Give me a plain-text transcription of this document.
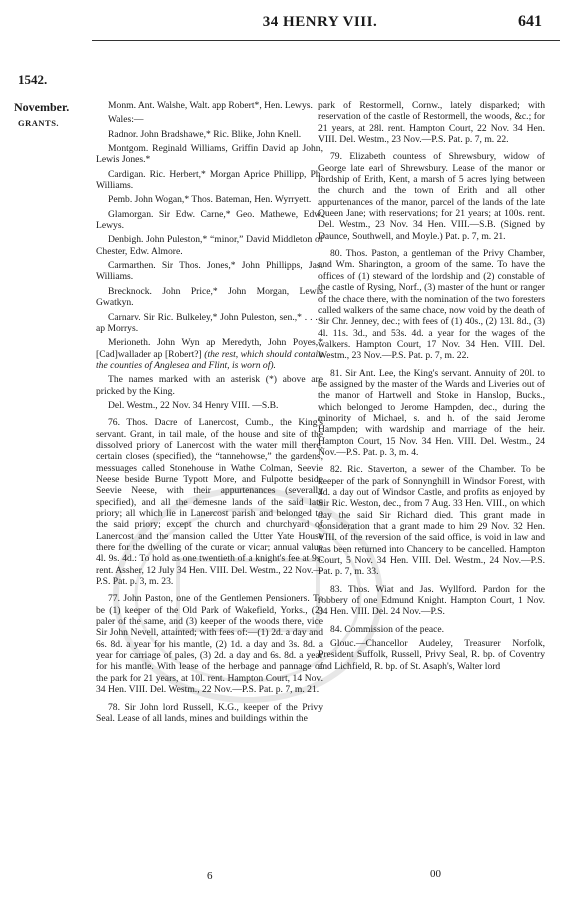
34 HENRY VIII.	641
1542.
November.
GRANTS.

Monm. Ant. Walshe, Walt. app Robert*, Hen. Lewys.

Wales:—

Radnor. John Bradshawe,* Ric. Blike, John Knell.

Montgom. Reginald Williams, Griffin David ap John, Lewis Jones.*

Cardigan. Ric. Herbert,* Morgan Aprice Phillipp, Ph. Williams.

Pemb. John Wogan,* Thos. Bateman, Hen. Wyrryett.

Glamorgan. Sir Edw. Carne,* Geo. Mathewe, Edw. Lewys.

Denbigh. John Puleston,* “minor,” David Middleton of Chester, Edw. Almore.

Carmarthen. Sir Thos. Jones,* John Phillipps, Jas. Williams.

Brecknock. John Price,* John Morgan, Lewis Gwatkyn.

Carnarv. Sir Ric. Bulkeley,* John Puleston, sen.,* . . . . ap Morrys.

Merioneth. John Wyn ap Meredyth, John Poyes,* [Cad]wallader ap [Robert?] (the rest, which should contain the counties of Anglesea and Flint, is worn of).

The names marked with an asterisk (*) above are pricked by the King.

Del. Westm., 22 Nov. 34 Henry VIII. —S.B.

76. Thos. Dacre of Lanercost, Cumb., the King's servant. Grant, in tail male, of the house and site of the dissolved priory of Lanercost with the water mill there, certain closes (specified), the “tannehowse,” the gardens, messuages called Stonehouse in Wathe Colman, Seevie Neese beside Burne Typott More, and Fulpotte beside Seevie Neese, with their appurtenances (severally specified), and all the demesne lands of the said late priory; all which lie in Lanercost parish and belonged to the said priory; except the church and churchyard of Lanercost and the mansion called the Utter Yate House there for the dwelling of the curate or vicar; annual value 4l. 9s. 4d.: To hold as one twentieth of a knight's fee at 9s. rent. Assher, 12 July 34 Hen. VIII. Del. Westm., 22 Nov.—P.S. Pat. p. 3, m. 23.

77. John Paston, one of the Gentlemen Pensioners. To be (1) keeper of the Old Park of Wakefield, Yorks., (2) paler of the same, and (3) keeper of the woods there, vice Sir John Nevell, attainted; with fees of:—(1) 2d. a day and 6s. 8d. a year for his mantle, (2) 1d. a day and 3s. 8d. a year for carriage of pales, (3) 2d. a day and 6s. 8d. a year for his mantle. With lease of the herbage and pannage of the park for 21 years, at 10l. rent. Hampton Court, 14 Nov. 34 Hen. VIII. Del. Westm., 22 Nov.—P.S. Pat. p. 7, m. 21.

78. Sir John lord Russell, K.G., keeper of the Privy Seal. Lease of all lands, mines and buildings within the

park of Restormell, Cornw., lately disparked; with reservation of the castle of Restormell, the woods, &c.; for 21 years, at 28l. rent. Hampton Court, 22 Nov. 34 Hen. VIII. Del. Westm., 23 Nov.—P.S. Pat. p. 7, m. 22.

79. Elizabeth countess of Shrewsbury, widow of George late earl of Shrewsbury. Lease of the manor or lordship of Erith, Kent, a marsh of 5 acres lying between the church and the town of Erith and all other appurtenances of the manor, parcel of the lands of the late Queen Jane; with reservations; for 21 years; at 100s. rent. Del. Westm., 23 Nov. 34 Hen. VIII.—S.B. (Signed by Daunce, Southwell, and Moyle.) Pat. p. 7, m. 21.

80. Thos. Paston, a gentleman of the Privy Chamber, and Wm. Sharington, a groom of the same. To have the offices of (1) steward of the lordship and (2) constable of the castle of Rysing, Norf., (3) master of the hunt or ranger of the chace there, with the nomination of the two foresters called walkers of the same chace, now void by the death of Sir Chr. Jenney, dec.; with fees of (1) 40s., (2) 13l. 8d., (3) 4l. 11s. 3d., and 53s. 4d. a year for the wages of the walkers. Hampton Court, 17 Nov. 34 Hen. VIII. Del. Westm., 23 Nov.—P.S. Pat. p. 7, m. 22.

81. Sir Ant. Lee, the King's servant. Annuity of 20l. to be assigned by the master of the Wards and Liveries out of the manor of Hartwell and Stoke in Hanslop, Bucks., which belonged to Jerome Hampden, dec., during the minority of Michael, s. and h. of the said Jerome Hampden; with wardship and marriage of the heir. Hampton Court, 15 Nov. 34 Hen. VIII. Del. Westm., 24 Nov.—P.S. Pat. p. 3, m. 4.

82. Ric. Staverton, a sewer of the Chamber. To be keeper of the park of Sonnynghill in Windsor Forest, with 4d. a day out of Windsor Castle, and profits as enjoyed by Sir Ric. Weston, dec., from 7 Aug. 33 Hen. VIII., on which day the said Sir Richard died. This grant made in consideration that a grant made to him 29 Nov. 32 Hen. VIII. of the reversion of the said office, is void in law and has been returned into Chancery to be cancelled. Hampton Court, 5 Nov. 34 Hen. VIII. Del. Westm., 24 Nov.—P.S. Pat. p. 7, m. 33.

83. Thos. Wiat and Jas. Wyllford. Pardon for the robbery of one Edmund Knight. Hampton Court, 1 Nov. 34 Hen. VIII. Del. 24 Nov.—P.S.

84. Commission of the peace.

Glouc.—Chancellor Audeley, Treasurer Norfolk, President Suffolk, Russell, Privy Seal, R. bp. of Coventry and Lichfield, R. bp. of St. Asaph's, Walter lord

6	00
